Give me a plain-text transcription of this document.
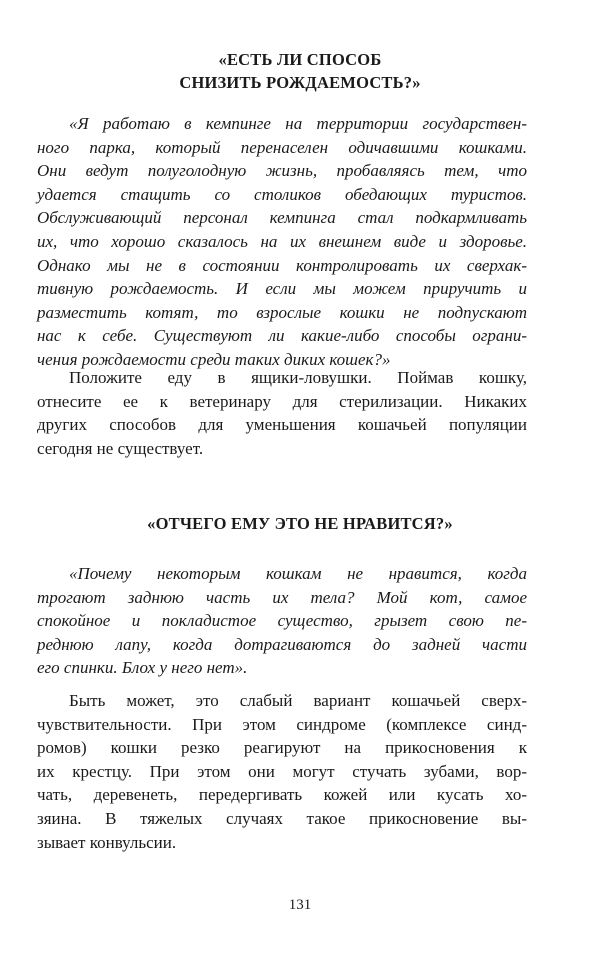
«ЕСТЬ ЛИ СПОСОБ
СНИЗИТЬ РОЖДАЕМОСТЬ?»
«Я работаю в кемпинге на территории государствен-
ного парка, который перенаселен одичавшими кошками.
Они ведут полуголодную жизнь, пробавляясь тем, что
удается стащить со столиков обедающих туристов.
Обслуживающий персонал кемпинга стал подкармливать
их, что хорошо сказалось на их внешнем виде и здоровье.
Однако мы не в состоянии контролировать их сверхак-
тивную рождаемость. И если мы можем приручить и
разместить котят, то взрослые кошки не подпускают
нас к себе. Существуют ли какие-либо способы ограни-
чения рождаемости среди таких диких кошек?»
Положите еду в ящики-ловушки. Поймав кошку,
отнесите ее к ветеринару для стерилизации. Никаких
других способов для уменьшения кошачьей популяции
сегодня не существует.
«ОТЧЕГО ЕМУ ЭТО НЕ НРАВИТСЯ?»
«Почему некоторым кошкам не нравится, когда
трогают заднюю часть их тела? Мой кот, самое
спокойное и покладистое существо, грызет свою пе-
реднюю лапу, когда дотрагиваются до задней части
его спинки. Блох у него нет».
Быть может, это слабый вариант кошачьей сверх-
чувствительности. При этом синдроме (комплексе синд-
ромов) кошки резко реагируют на прикосновения к
их крестцу. При этом они могут стучать зубами, вор-
чать, деревенеть, передергивать кожей или кусать хо-
зяина. В тяжелых случаях такое прикосновение вы-
зывает конвульсии.
131
